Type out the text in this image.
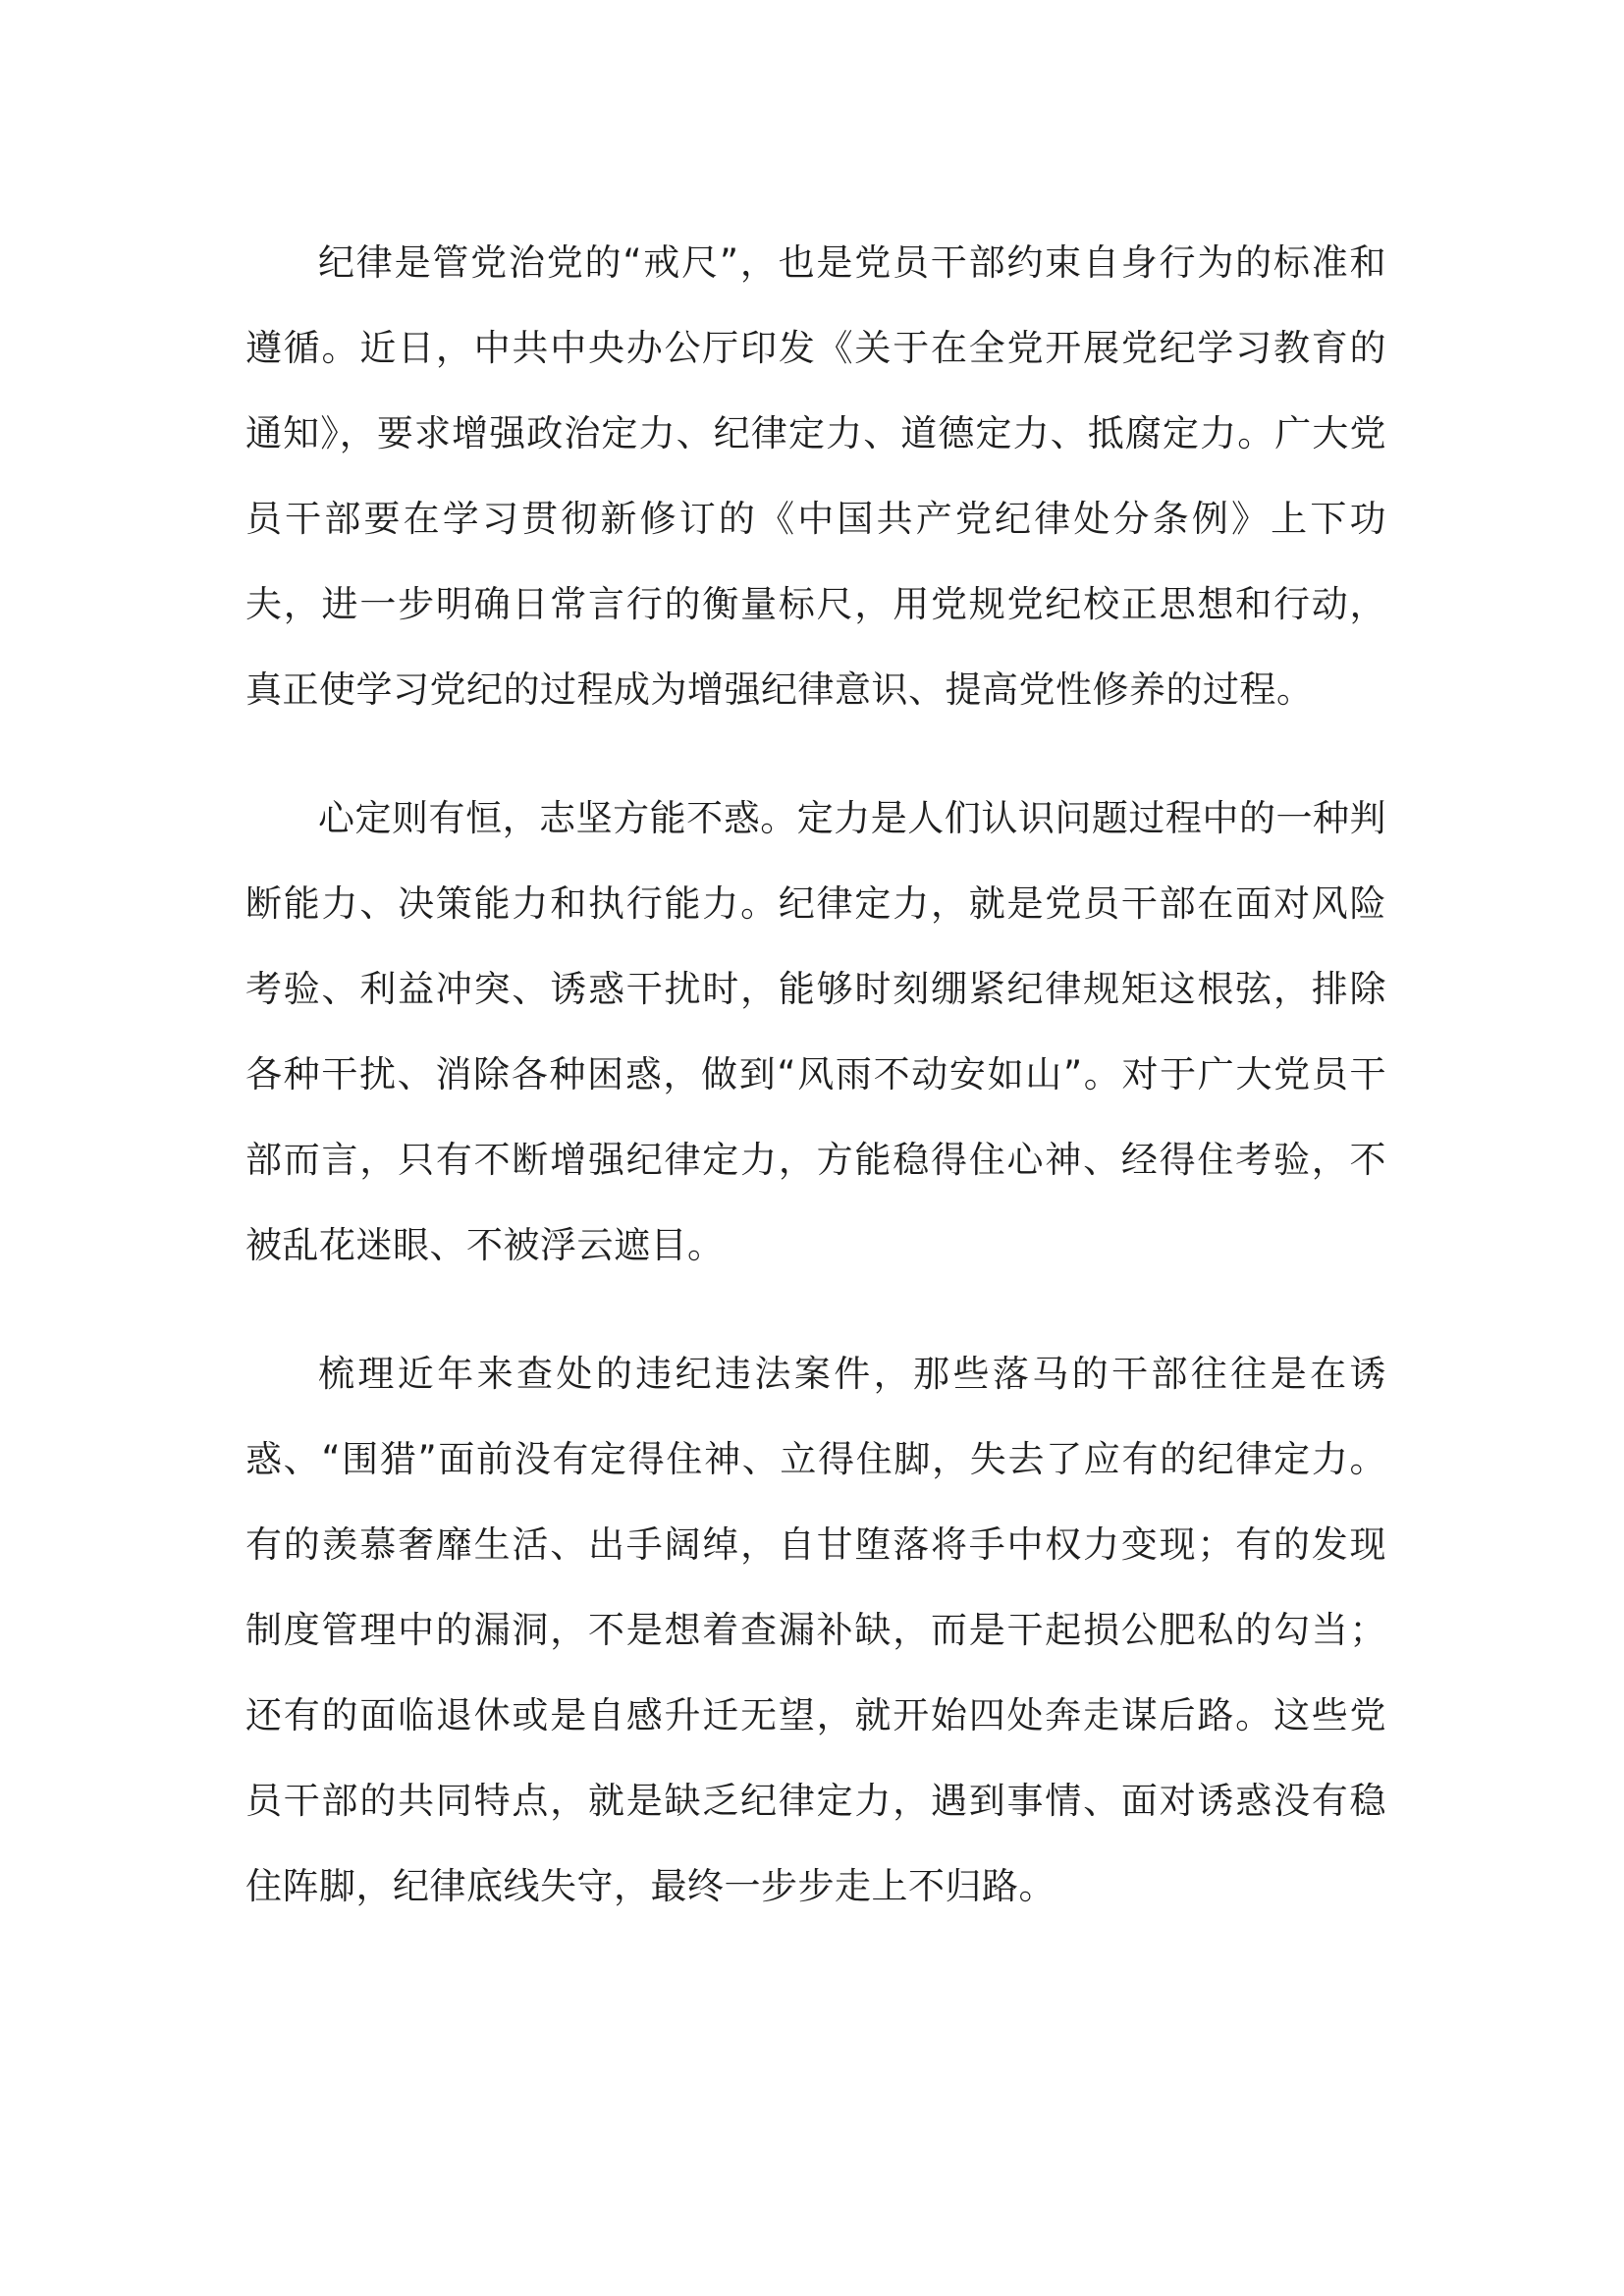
纪律是管党治党的“戒尺”，也是党员干部约束自身行为的标准和遵循。近日，中共中央办公厅印发《关于在全党开展党纪学习教育的通知》，要求增强政治定力、纪律定力、道德定力、抵腐定力。广大党员干部要在学习贯彻新修订的《中国共产党纪律处分条例》上下功夫，进一步明确日常言行的衡量标尺，用党规党纪校正思想和行动，真正使学习党纪的过程成为增强纪律意识、提高党性修养的过程。

心定则有恒，志坚方能不惑。定力是人们认识问题过程中的一种判断能力、决策能力和执行能力。纪律定力，就是党员干部在面对风险考验、利益冲突、诱惑干扰时，能够时刻绷紧纪律规矩这根弦，排除各种干扰、消除各种困惑，做到“风雨不动安如山”。对于广大党员干部而言，只有不断增强纪律定力，方能稳得住心神、经得住考验，不被乱花迷眼、不被浮云遮目。

梳理近年来查处的违纪违法案件，那些落马的干部往往是在诱惑、“围猎”面前没有定得住神、立得住脚，失去了应有的纪律定力。有的羡慕奢靡生活、出手阔绰，自甘堕落将手中权力变现；有的发现制度管理中的漏洞，不是想着查漏补缺，而是干起损公肥私的勾当；还有的面临退休或是自感升迁无望，就开始四处奔走谋后路。这些党员干部的共同特点，就是缺乏纪律定力，遇到事情、面对诱惑没有稳住阵脚，纪律底线失守，最终一步步走上不归路。
